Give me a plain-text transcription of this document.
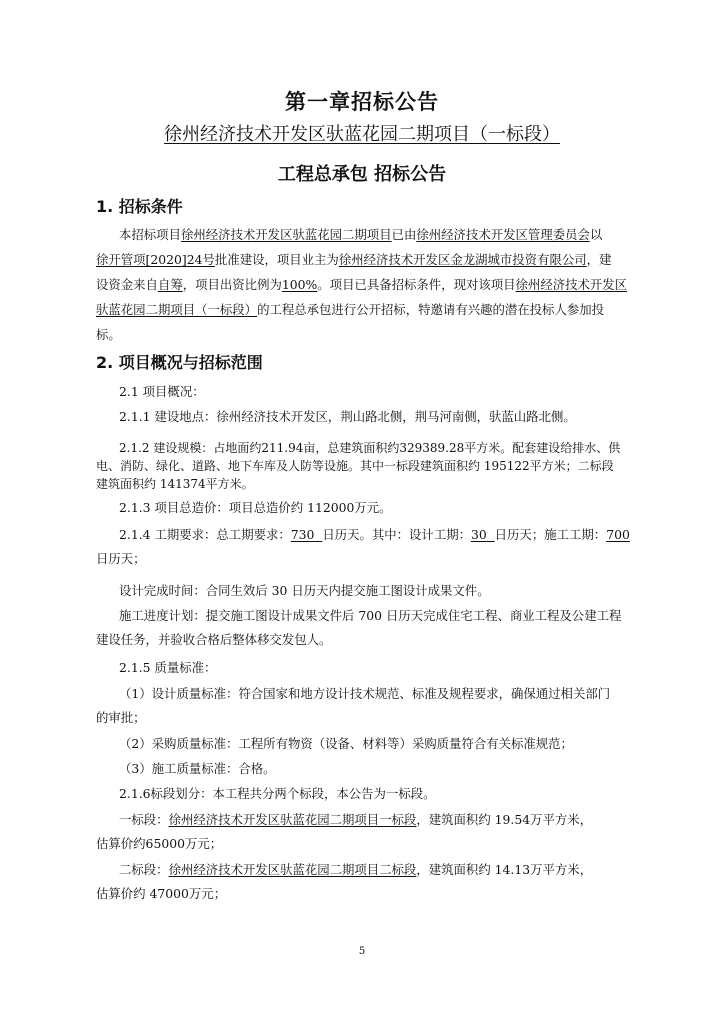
第一章招标公告
徐州经济技术开发区驮蓝花园二期项目（一标段）
工程总承包 招标公告
1. 招标条件
本招标项目徐州经济技术开发区驮蓝花园二期项目已由徐州经济技术开发区管理委员会以
徐开管项[2020]24号批准建设，项目业主为徐州经济技术开发区金龙湖城市投资有限公司，建
设资金来自自筹，项目出资比例为100%。项目已具备招标条件，现对该项目徐州经济技术开发区
驮蓝花园二期项目（一标段）的工程总承包进行公开招标，特邀请有兴趣的潜在投标人参加投
标。
2. 项目概况与招标范围
2.1 项目概况：
2.1.1 建设地点：徐州经济技术开发区，荆山路北侧，荆马河南侧，驮蓝山路北侧。
2.1.2 建设规模：占地面约211.94亩，总建筑面积约329389.28平方米。配套建设给排水、供
电、消防、绿化、道路、地下车库及人防等设施。其中一标段建筑面积约 195122平方米；二标段
建筑面积约 141374平方米。
2.1.3 项目总造价：项目总造价约 112000万元。
2.1.4 工期要求：总工期要求：730 日历天。其中：设计工期：30 日历天；施工工期：700
日历天；
设计完成时间：合同生效后 30 日历天内提交施工图设计成果文件。
施工进度计划：提交施工图设计成果文件后 700 日历天完成住宅工程、商业工程及公建工程
建设任务，并验收合格后整体移交发包人。
2.1.5 质量标准：
（1）设计质量标准：符合国家和地方设计技术规范、标准及规程要求，确保通过相关部门
的审批；
（2）采购质量标准：工程所有物资（设备、材料等）采购质量符合有关标准规范；
（3）施工质量标准：合格。
2.1.6标段划分：本工程共分两个标段，本公告为一标段。
一标段：徐州经济技术开发区驮蓝花园二期项目一标段，建筑面积约 19.54万平方米，
估算价约65000万元；
二标段：徐州经济技术开发区驮蓝花园二期项目二标段，建筑面积约 14.13万平方米，
估算价约 47000万元；
5
